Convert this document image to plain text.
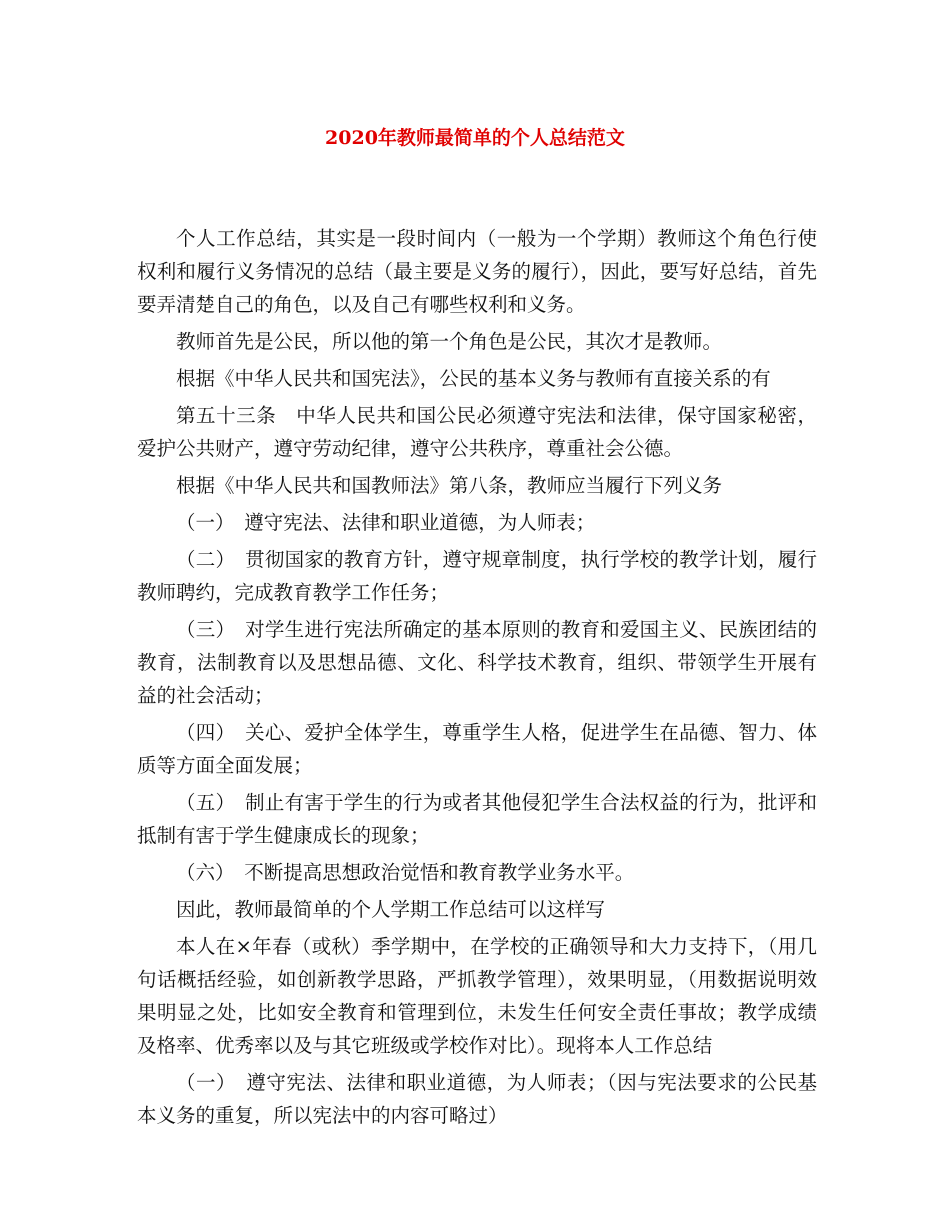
2020年教师最简单的个人总结范文

个人工作总结，其实是一段时间内（一般为一个学期）教师这个角色行使权利和履行义务情况的总结（最主要是义务的履行），因此，要写好总结，首先要弄清楚自己的角色，以及自己有哪些权利和义务。

教师首先是公民，所以他的第一个角色是公民，其次才是教师。

根据《中华人民共和国宪法》，公民的基本义务与教师有直接关系的有

第五十三条　中华人民共和国公民必须遵守宪法和法律，保守国家秘密，爱护公共财产，遵守劳动纪律，遵守公共秩序，尊重社会公德。

根据《中华人民共和国教师法》第八条，教师应当履行下列义务

（一）　遵守宪法、法律和职业道德，为人师表；

（二）　贯彻国家的教育方针，遵守规章制度，执行学校的教学计划，履行教师聘约，完成教育教学工作任务；

（三）　对学生进行宪法所确定的基本原则的教育和爱国主义、民族团结的教育，法制教育以及思想品德、文化、科学技术教育，组织、带领学生开展有益的社会活动；

（四）　关心、爱护全体学生，尊重学生人格，促进学生在品德、智力、体质等方面全面发展；

（五）　制止有害于学生的行为或者其他侵犯学生合法权益的行为，批评和抵制有害于学生健康成长的现象；

（六）　不断提高思想政治觉悟和教育教学业务水平。

因此，教师最简单的个人学期工作总结可以这样写

本人在×年春（或秋）季学期中，在学校的正确领导和大力支持下，（用几句话概括经验，如创新教学思路，严抓教学管理），效果明显，（用数据说明效果明显之处，比如安全教育和管理到位，未发生任何安全责任事故；教学成绩及格率、优秀率以及与其它班级或学校作对比）。现将本人工作总结

（一）　遵守宪法、法律和职业道德，为人师表；（因与宪法要求的公民基本义务的重复，所以宪法中的内容可略过）
